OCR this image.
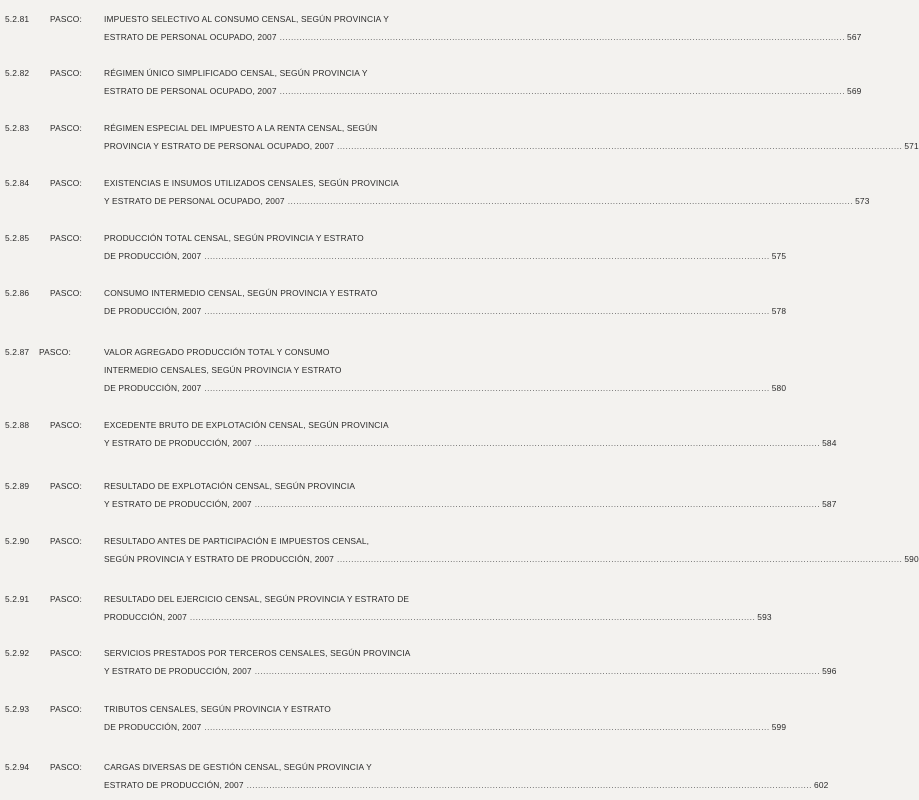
5.2.81 PASCO:	IMPUESTO SELECTIVO AL CONSUMO CENSAL, SEGÚN PROVINCIA Y
ESTRATO DE PERSONAL OCUPADO, 2007 ........................................................................................................................................................................................................ 567
5.2.82 PASCO:	RÉGIMEN ÚNICO SIMPLIFICADO CENSAL, SEGÚN PROVINCIA Y
ESTRATO DE PERSONAL OCUPADO, 2007 ........................................................................................................................................................................................................ 569
5.2.83 PASCO:	RÉGIMEN ESPECIAL DEL IMPUESTO A LA RENTA CENSAL, SEGÚN
PROVINCIA Y ESTRATO DE PERSONAL OCUPADO, 2007 ........................................................................................................................................................................................................ 571
5.2.84 PASCO:	EXISTENCIAS E INSUMOS UTILIZADOS CENSALES, SEGÚN PROVINCIA
Y ESTRATO DE PERSONAL OCUPADO, 2007 ........................................................................................................................................................................................................ 573
5.2.85 PASCO:	PRODUCCIÓN TOTAL CENSAL, SEGÚN PROVINCIA Y ESTRATO
DE PRODUCCIÓN, 2007 ........................................................................................................................................................................................................ 575
5.2.86 PASCO:	CONSUMO INTERMEDIO CENSAL, SEGÚN PROVINCIA Y ESTRATO
DE PRODUCCIÓN, 2007 ........................................................................................................................................................................................................ 578
5.2.87 PASCO:	VALOR AGREGADO PRODUCCIÓN TOTAL Y CONSUMO
INTERMEDIO CENSALES, SEGÚN PROVINCIA Y ESTRATO
DE PRODUCCIÓN, 2007 ........................................................................................................................................................................................................ 580
5.2.88 PASCO:	EXCEDENTE BRUTO DE EXPLOTACIÓN CENSAL, SEGÚN PROVINCIA
Y ESTRATO DE PRODUCCIÓN, 2007 ........................................................................................................................................................................................................ 584
5.2.89 PASCO:	RESULTADO DE EXPLOTACIÓN CENSAL, SEGÚN PROVINCIA
Y ESTRATO DE PRODUCCIÓN, 2007 ........................................................................................................................................................................................................ 587
5.2.90 PASCO:	RESULTADO ANTES DE PARTICIPACIÓN E IMPUESTOS CENSAL,
SEGÚN PROVINCIA Y ESTRATO DE PRODUCCIÓN, 2007 ........................................................................................................................................................................................................ 590
5.2.91 PASCO:	RESULTADO DEL EJERCICIO CENSAL, SEGÚN PROVINCIA Y ESTRATO DE
PRODUCCIÓN, 2007 ........................................................................................................................................................................................................ 593
5.2.92 PASCO:	SERVICIOS PRESTADOS POR TERCEROS CENSALES, SEGÚN PROVINCIA
Y ESTRATO DE PRODUCCIÓN, 2007 ........................................................................................................................................................................................................ 596
5.2.93 PASCO:	TRIBUTOS CENSALES, SEGÚN PROVINCIA Y ESTRATO
DE PRODUCCIÓN, 2007 ........................................................................................................................................................................................................ 599
5.2.94 PASCO:	CARGAS DIVERSAS DE GESTIÓN CENSAL, SEGÚN PROVINCIA Y
ESTRATO DE PRODUCCIÓN, 2007 ........................................................................................................................................................................................................ 602
